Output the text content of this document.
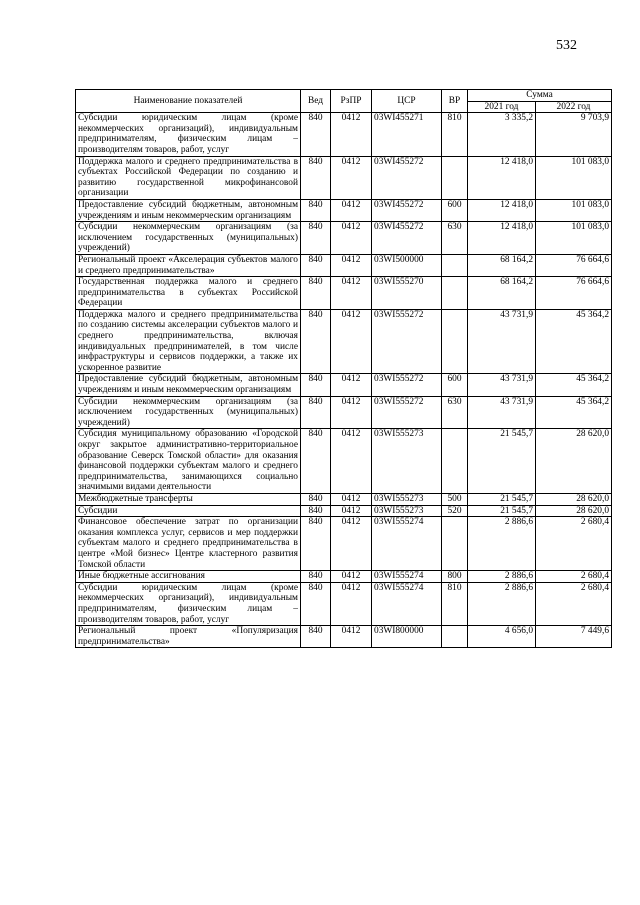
532
Наименование показателей	Вед	РзПР	ЦСР	ВР	Сумма	
					2021 год	2022 год
Субсидии юридическим лицам (кроме некоммерческих организаций), индивидуальным предпринимателям, физическим лицам – производителям товаров, работ, услуг	840	0412	03WI455271	810	3 335,2	9 703,9
Поддержка малого и среднего предпринимательства в субъектах Российской Федерации по созданию и развитию государственной микрофинансовой организации	840	0412	03WI455272		12 418,0	101 083,0
Предоставление субсидий бюджетным, автономным учреждениям и иным некоммерческим организациям	840	0412	03WI455272	600	12 418,0	101 083,0
Субсидии некоммерческим организациям (за исключением государственных (муниципальных) учреждений)	840	0412	03WI455272	630	12 418,0	101 083,0
Региональный проект «Акселерация субъектов малого и среднего предпринимательства»	840	0412	03WI500000		68 164,2	76 664,6
Государственная поддержка малого и среднего предпринимательства в субъектах Российской Федерации	840	0412	03WI555270		68 164,2	76 664,6
Поддержка малого и среднего предпринимательства по созданию системы акселерации субъектов малого и среднего предпринимательства, включая индивидуальных предпринимателей, в том числе инфраструктуры и сервисов поддержки, а также их ускоренное развитие	840	0412	03WI555272		43 731,9	45 364,2
Предоставление субсидий бюджетным, автономным учреждениям и иным некоммерческим организациям	840	0412	03WI555272	600	43 731,9	45 364,2
Субсидии некоммерческим организациям (за исключением государственных (муниципальных) учреждений)	840	0412	03WI555272	630	43 731,9	45 364,2
Субсидия муниципальному образованию «Городской округ закрытое административно-территориальное образование Северск Томской области» для оказания финансовой поддержки субъектам малого и среднего предпринимательства, занимающихся социально значимыми видами деятельности	840	0412	03WI555273		21 545,7	28 620,0
Межбюджетные трансферты	840	0412	03WI555273	500	21 545,7	28 620,0
Субсидии	840	0412	03WI555273	520	21 545,7	28 620,0
Финансовое обеспечение затрат по организации оказания комплекса услуг, сервисов и мер поддержки субъектам малого и среднего предпринимательства в центре «Мой бизнес» Центре кластерного развития Томской области	840	0412	03WI555274		2 886,6	2 680,4
Иные бюджетные ассигнования	840	0412	03WI555274	800	2 886,6	2 680,4
Субсидии юридическим лицам (кроме некоммерческих организаций), индивидуальным предпринимателям, физическим лицам – производителям товаров, работ, услуг	840	0412	03WI555274	810	2 886,6	2 680,4
Региональный проект «Популяризация предпринимательства»	840	0412	03WI800000		4 656,0	7 449,6
